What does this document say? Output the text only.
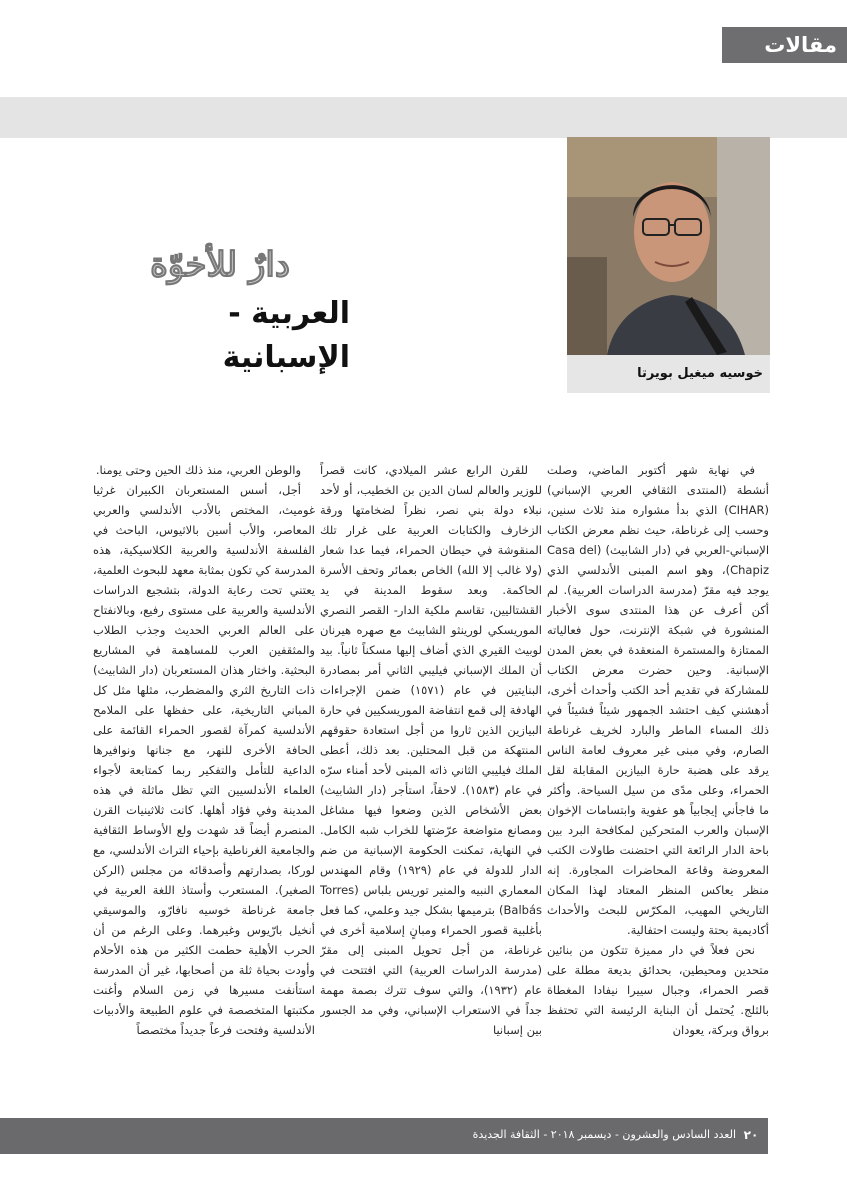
مقالات
خوسيه ميغيل بويرتا
دارٌ للأخوّة
العربية - الإسبانية

في نهاية شهر أكتوبر الماضي، وصلت أنشطة (المنتدى الثقافي العربي الإسباني) (CIHAR) الذي بدأ مشواره منذ ثلاث سنين، وحسب إلى غرناطة، حيث نظم معرض الكتاب الإسباني-العربي في (دار الشابيث) (Casa del Chapiz)، وهو اسم المبنى الأندلسي الذي يوجد فيه مقرّ (مدرسة الدراسات العربية). لم أكن أعرف عن هذا المنتدى سوى الأخبار المنشورة في شبكة الإنترنت، حول فعالياته الممتازة والمستمرة المنعقدة في بعض المدن الإسبانية. وحين حضرت معرض الكتاب للمشاركة في تقديم أحد الكتب وأحداث أخرى، أدهشني كيف احتشد الجمهور شيئاً فشيئاً في ذلك المساء الماطر والبارد لخريف غرناطة الصارم، وفي مبنى غير معروف لعامة الناس يرقد على هضبة حارة البيازين المقابلة لقل الحمراء، وعلى مدًى من سيل السياحة. وأكثر ما فاجأني إيجابياً هو عفوية وابتسامات الإخوان الإسبان والعرب المتحركين لمكافحة البرد بين باحة الدار الرائعة التي احتضنت طاولات الكتب المعروضة وقاعة المحاضرات المجاورة. إنه منظر يعاكس المنظر المعتاد لهذا المكان التاريخي المهيب، المكرّس للبحث والأحداث أكاديمية بحتة وليست احتفالية.

نحن فعلاً في دار مميزة تتكون من بنائين متحدين ومحيطين، بحدائق بديعة مطلة على قصر الحمراء، وجبال سييرا نيفادا المغطاة بالثلج. يُحتمل أن البناية الرئيسة التي تحتفظ برواق وبركة، يعودان

للقرن الرابع عشر الميلادي، كانت قصراً للوزير والعالم لسان الدين بن الخطيب، أو لأحد نبلاء دولة بني نصر، نظراً لضخامتها ورقة الزخارف والكتابات العربية على غرار تلك المنقوشة في حيطان الحمراء، فيما عدا شعار (ولا غالب إلا الله) الخاص بعمائر وتحف الأسرة الحاكمة. وبعد سقوط المدينة في يد القشتاليين، تقاسم ملكية الدار- القصر النصري الموريسكي لورينثو الشابيث مع صهره هيرنان لوبيث القيري الذي أضاف إليها مسكناً ثانياً. بيد أن الملك الإسباني فيليبي الثاني أمر بمصادرة البنايتين في عام (١٥٧١) ضمن الإجراءات الهادفة إلى قمع انتفاضة الموريسكيين في حارة البيازين الذين ثاروا من أجل استعادة حقوقهم المنتهكة من قبل المحتلين. بعد ذلك، أعطى الملك فيليبي الثاني ذاته المبنى لأحد أمناء سرّه في عام (١٥٨٣). لاحقاً، استأجر (دار الشابيث) بعض الأشخاص الذين وضعوا فيها مشاغل ومصانع متواضعة عرّضتها للخراب شبه الكامل. في النهاية، تمكنت الحكومة الإسبانية من ضم الدار للدولة في عام (١٩٢٩) وقام المهندس المعماري النبيه والمنير توريس بلباس (Torres Balbás) بترميمها بشكل جيد وعلمي، كما فعل بأغلبية قصور الحمراء ومبانٍ إسلامية أخرى في غرناطة، من أجل تحويل المبنى إلى مقرّ (مدرسة الدراسات العربية) التي افتتحت في عام (١٩٣٢)، والتي سوف تترك بصمة مهمة جداً في الاستعراب الإسباني، وفي مد الجسور بين إسبانيا

والوطن العربي، منذ ذلك الحين وحتى يومنا.

أجل، أسس المستعربان الكبيران غرثيا غوميث، المختص بالأدب الأندلسي والعربي المعاصر، والأب أسين بالاثيوس، الباحث في الفلسفة الأندلسية والعربية الكلاسيكية، هذه المدرسة كي تكون بمثابة معهد للبحوث العلمية، يعتني تحت رعاية الدولة، بتشجيع الدراسات الأندلسية والعربية على مستوى رفيع، وبالانفتاح على العالم العربي الحديث وجذب الطلاب والمثقفين العرب للمساهمة في المشاريع البحثية. واختار هذان المستعربان (دار الشابيث) ذات التاريخ الثري والمضطرب، مثلها مثل كل المباني التاريخية، على حفظها على الملامح الأندلسية كمرآة لقصور الحمراء القائمة على الحافة الأخرى للنهر، مع جنانها ونوافيرها الداعية للتأمل والتفكير ربما كمتابعة لأجواء العلماء الأندلسيين التي تظل ماثلة في هذه المدينة وفي فؤاد أهلها. كانت ثلاثينيات القرن المنصرم أيضاً قد شهدت ولع الأوساط الثقافية والجامعية الغرناطية بإحياء التراث الأندلسي، مع لوركا، بصدارتهم وأصدقائه من مجلس (الركن الصغير). المستعرب وأستاذ اللغة العربية في جامعة غرناطة خوسيه نافارّو، والموسيقي أنخيل بارّيوس وغيرهما. وعلى الرغم من أن الحرب الأهلية حطمت الكثير من هذه الأحلام وأودت بحياة ثلة من أصحابها، غير أن المدرسة استأنفت مسيرها في زمن السلام وأغنت مكتبتها المتخصصة في علوم الطبيعة والأدبيات الأندلسية وفتحت فرعاً جديداً مختصصاً

العدد السادس والعشرون - ديسمبر ٢٠١٨ - الثقافة الجديدة ٢٠
